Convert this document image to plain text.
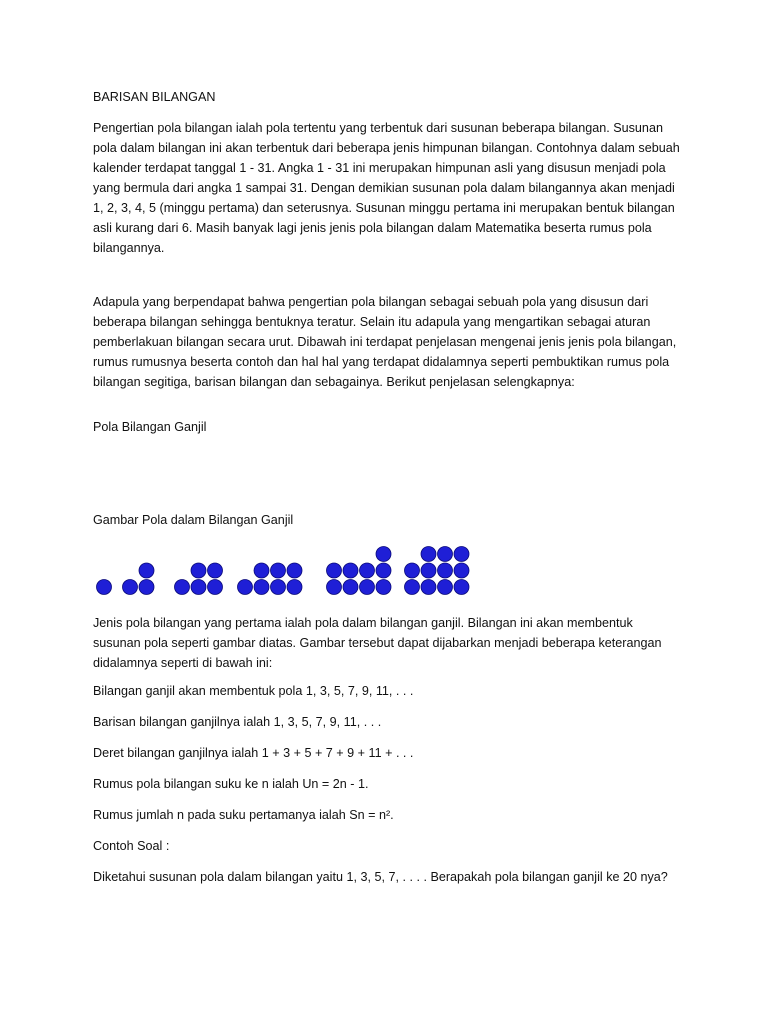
BARISAN BILANGAN

Pengertian pola bilangan ialah pola tertentu yang terbentuk dari susunan beberapa bilangan. Susunan pola dalam bilangan ini akan terbentuk dari beberapa jenis himpunan bilangan. Contohnya dalam sebuah kalender terdapat tanggal 1 - 31. Angka 1 - 31 ini merupakan himpunan asli yang disusun menjadi pola yang bermula dari angka 1 sampai 31. Dengan demikian susunan pola dalam bilangannya akan menjadi 1, 2, 3, 4, 5 (minggu pertama) dan seterusnya. Susunan minggu pertama ini merupakan bentuk bilangan asli kurang dari 6. Masih banyak lagi jenis jenis pola bilangan dalam Matematika beserta rumus pola bilangannya.

Adapula yang berpendapat bahwa pengertian pola bilangan sebagai sebuah pola yang disusun dari beberapa bilangan sehingga bentuknya teratur. Selain itu adapula yang mengartikan sebagai aturan pemberlakuan bilangan secara urut. Dibawah ini terdapat penjelasan mengenai jenis jenis pola bilangan, rumus rumusnya beserta contoh dan hal hal yang terdapat didalamnya seperti pembuktikan rumus pola bilangan segitiga, barisan bilangan dan sebagainya. Berikut penjelasan selengkapnya:

Pola Bilangan Ganjil

Gambar Pola dalam Bilangan Ganjil

Jenis pola bilangan yang pertama ialah pola dalam bilangan ganjil. Bilangan ini akan membentuk susunan pola seperti gambar diatas. Gambar tersebut dapat dijabarkan menjadi beberapa keterangan didalamnya seperti di bawah ini:

Bilangan ganjil akan membentuk pola 1, 3, 5, 7, 9, 11, . . .

Barisan bilangan ganjilnya ialah 1, 3, 5, 7, 9, 11, . . .

Deret bilangan ganjilnya ialah 1 + 3 + 5 + 7 + 9 + 11 + . . .

Rumus pola bilangan suku ke n ialah Un = 2n - 1.

Rumus jumlah n pada suku pertamanya ialah Sn = n².

Contoh Soal :

Diketahui susunan pola dalam bilangan yaitu 1, 3, 5, 7, . . . . Berapakah pola bilangan ganjil ke 20 nya?
